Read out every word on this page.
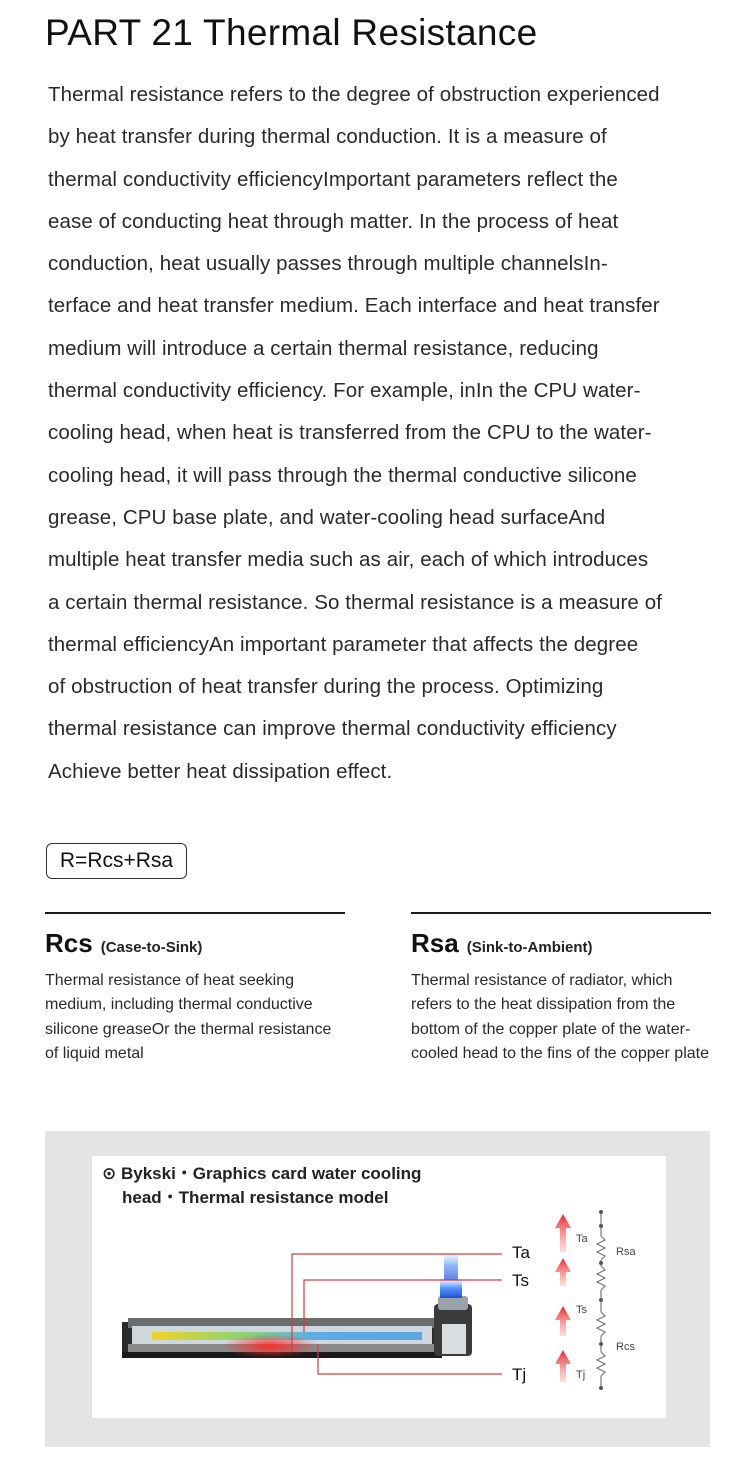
PART 21 Thermal Resistance
Thermal resistance refers to the degree of obstruction experienced
by heat transfer during thermal conduction. It is a measure of
thermal conductivity efficiencyImportant parameters reflect the
ease of conducting heat through matter. In the process of heat
conduction, heat usually passes through multiple channelsIn-
terface and heat transfer medium. Each interface and heat transfer
medium will introduce a certain thermal resistance, reducing
thermal conductivity efficiency. For example, inIn the CPU water-
cooling head, when heat is transferred from the CPU to the water-
cooling head, it will pass through the thermal conductive silicone
grease, CPU base plate, and water-cooling head surfaceAnd
multiple heat transfer media such as air, each of which introduces
a certain thermal resistance. So thermal resistance is a measure of
thermal efficiencyAn important parameter that affects the degree
of obstruction of heat transfer during the process. Optimizing
thermal resistance can improve thermal conductivity efficiency
Achieve better heat dissipation effect.
R=Rcs+Rsa
Rcs (Case-to-Sink)
Thermal resistance of heat seeking medium, including thermal conductive silicone greaseOr the thermal resistance of liquid metal
Rsa (Sink-to-Ambient)
Thermal resistance of radiator, which refers to the heat dissipation from the bottom of the copper plate of the water-cooled head to the fins of the copper plate
⊙ Bykski・Graphics card water cooling
head・Thermal resistance model
Ta
Ts
Tj
Ta
Ts
Tj
Rsa
Rcs
